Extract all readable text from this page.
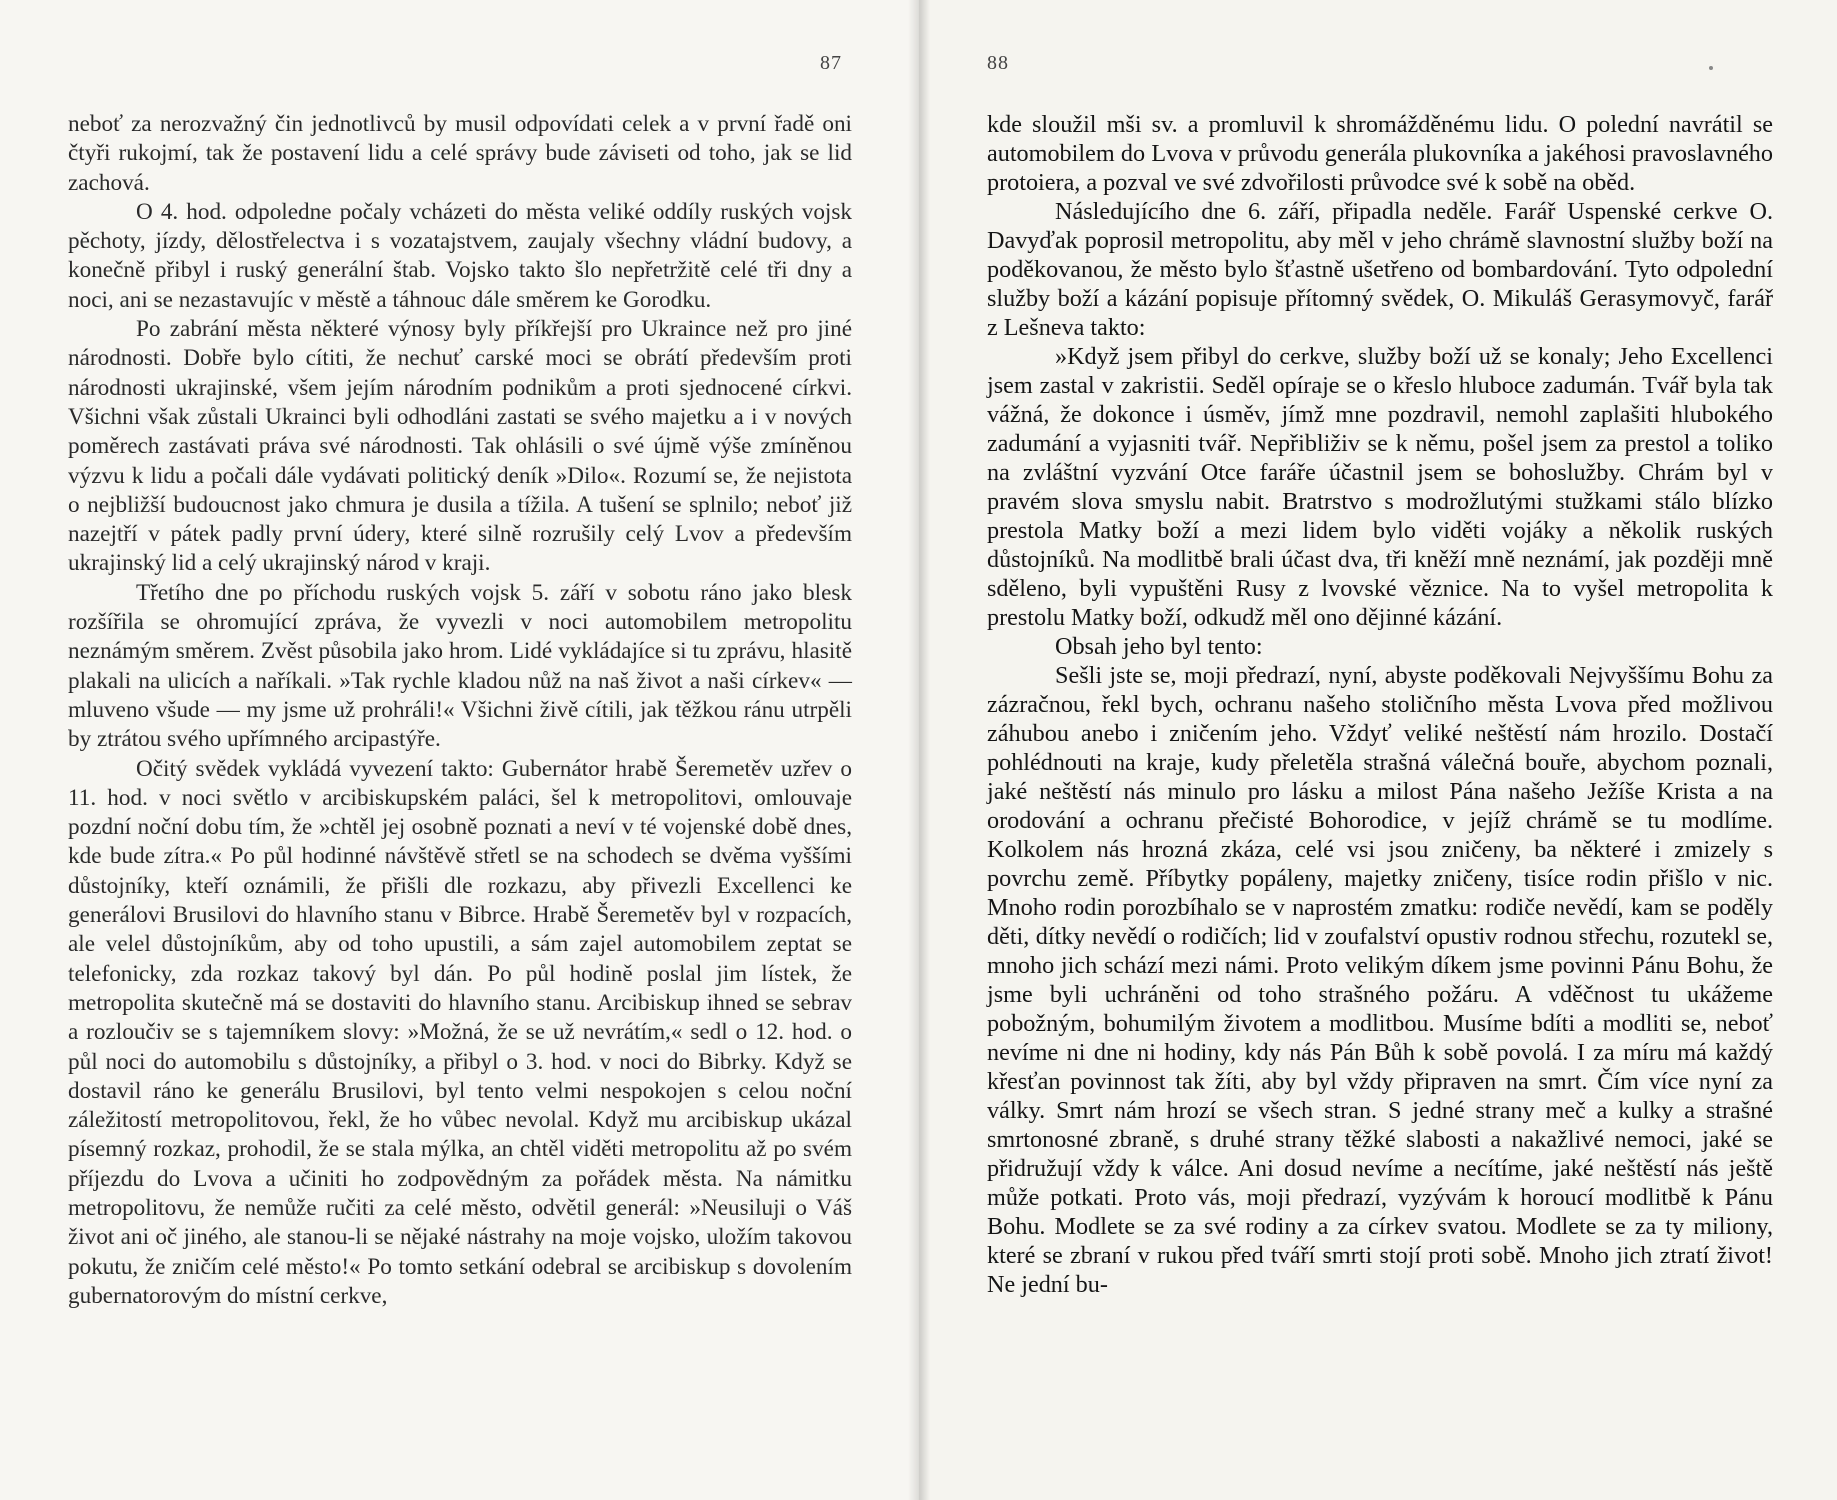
87

neboť za nerozvažný čin jednotlivců by musil odpovídati celek a v první řadě oni čtyři rukojmí, tak že postavení lidu a celé správy bude záviseti od toho, jak se lid zachová.

O 4. hod. odpoledne počaly vcházeti do města veliké oddíly ruských vojsk pěchoty, jízdy, dělostřelectva i s vozatajstvem, zaujaly všechny vládní budovy, a konečně přibyl i ruský generální štab. Vojsko takto šlo nepřetržitě celé tři dny a noci, ani se nezastavujíc v městě a táhnouc dále směrem ke Gorodku.

Po zabrání města některé výnosy byly příkřejší pro Ukraince než pro jiné národnosti. Dobře bylo cítiti, že nechuť carské moci se obrátí především proti národnosti ukrajinské, všem jejím národním podnikům a proti sjednocené církvi. Všichni však zůstali Ukrainci byli odhodláni zastati se svého majetku a i v nových poměrech zastávati práva své národnosti. Tak ohlásili o své újmě výše zmíněnou výzvu k lidu a počali dále vydávati politický deník »Dilo«. Rozumí se, že nejistota o nejbližší budoucnost jako chmura je dusila a tížila. A tušení se splnilo; neboť již nazejtří v pátek padly první údery, které silně rozrušily celý Lvov a především ukrajinský lid a celý ukrajinský národ v kraji.

Třetího dne po příchodu ruských vojsk 5. září v sobotu ráno jako blesk rozšířila se ohromující zpráva, že vyvezli v noci automobilem metropolitu neznámým směrem. Zvěst působila jako hrom. Lidé vykládajíce si tu zprávu, hlasitě plakali na ulicích a naříkali. »Tak rychle kladou nůž na naš život a naši církev« — mluveno všude — my jsme už prohráli!« Všichni živě cítili, jak těžkou ránu utrpěli by ztrátou svého upřímného arcipastýře.

Očitý svědek vykládá vyvezení takto: Gubernátor hrabě Šeremetěv uzřev o 11. hod. v noci světlo v arcibiskupském paláci, šel k metropolitovi, omlouvaje pozdní noční dobu tím, že »chtěl jej osobně poznati a neví v té vojenské době dnes, kde bude zítra.« Po půl hodinné návštěvě střetl se na schodech se dvěma vyššími důstojníky, kteří oznámili, že přišli dle rozkazu, aby přivezli Excellenci ke generálovi Brusilovi do hlavního stanu v Bibrce. Hrabě Šeremetěv byl v rozpacích, ale velel důstojníkům, aby od toho upustili, a sám zajel automobilem zeptat se telefonicky, zda rozkaz takový byl dán. Po půl hodině poslal jim lístek, že metropolita skutečně má se dostaviti do hlavního stanu. Arcibiskup ihned se sebrav a rozloučiv se s tajemníkem slovy: »Možná, že se už nevrátím,« sedl o 12. hod. o půl noci do automobilu s důstojníky, a přibyl o 3. hod. v noci do Bibrky. Když se dostavil ráno ke generálu Brusilovi, byl tento velmi nespokojen s celou noční záležitostí metropolitovou, řekl, že ho vůbec nevolal. Když mu arcibiskup ukázal písemný rozkaz, prohodil, že se stala mýlka, an chtěl viděti metropolitu až po svém příjezdu do Lvova a učiniti ho zodpovědným za pořádek města. Na námitku metropolitovu, že nemůže ručiti za celé město, odvětil generál: »Neusiluji o Váš život ani oč jiného, ale stanou-li se nějaké nástrahy na moje vojsko, uložím takovou pokutu, že zničím celé město!« Po tomto setkání odebral se arcibiskup s dovolením gubernatorovým do místní cerkve,

88

kde sloužil mši sv. a promluvil k shromážděnému lidu. O polední navrátil se automobilem do Lvova v průvodu generála plukovníka a jakéhosi pravoslavného protoiera, a pozval ve své zdvořilosti průvodce své k sobě na oběd.

Následujícího dne 6. září, připadla neděle. Farář Uspenské cerkve O. Davyďak poprosil metropolitu, aby měl v jeho chrámě slavnostní služby boží na poděkovanou, že město bylo šťastně ušetřeno od bombardování. Tyto odpolední služby boží a kázání popisuje přítomný svědek, O. Mikuláš Gerasymovyč, farář z Lešneva takto:

»Když jsem přibyl do cerkve, služby boží už se konaly; Jeho Excellenci jsem zastal v zakristii. Seděl opíraje se o křeslo hluboce zadumán. Tvář byla tak vážná, že dokonce i úsměv, jímž mne pozdravil, nemohl zaplašiti hlubokého zadumání a vyjasniti tvář. Nepřibliživ se k němu, pošel jsem za prestol a toliko na zvláštní vyzvání Otce faráře účastnil jsem se bohoslužby. Chrám byl v pravém slova smyslu nabit. Bratrstvo s modrožlutými stužkami stálo blízko prestola Matky boží a mezi lidem bylo viděti vojáky a několik ruských důstojníků. Na modlitbě brali účast dva, tři kněží mně neznámí, jak později mně sděleno, byli vypuštěni Rusy z lvovské věznice. Na to vyšel metropolita k prestolu Matky boží, odkudž měl ono dějinné kázání.

Obsah jeho byl tento:

Sešli jste se, moji předrazí, nyní, abyste poděkovali Nejvyššímu Bohu za zázračnou, řekl bych, ochranu našeho stoličního města Lvova před možlivou záhubou anebo i zničením jeho. Vždyť veliké neštěstí nám hrozilo. Dostačí pohlédnouti na kraje, kudy přeletěla strašná válečná bouře, abychom poznali, jaké neštěstí nás minulo pro lásku a milost Pána našeho Ježíše Krista a na orodování a ochranu přečisté Bohorodice, v jejíž chrámě se tu modlíme. Kolkolem nás hrozná zkáza, celé vsi jsou zničeny, ba některé i zmizely s povrchu země. Příbytky popáleny, majetky zničeny, tisíce rodin přišlo v nic. Mnoho rodin porozbíhalo se v naprostém zmatku: rodiče nevědí, kam se poděly děti, dítky nevědí o rodičích; lid v zoufalství opustiv rodnou střechu, rozutekl se, mnoho jich schází mezi námi. Proto velikým díkem jsme povinni Pánu Bohu, že jsme byli uchráněni od toho strašného požáru. A vděčnost tu ukážeme pobožným, bohumilým životem a modlitbou. Musíme bdíti a modliti se, neboť nevíme ni dne ni hodiny, kdy nás Pán Bůh k sobě povolá. I za míru má každý křesťan povinnost tak žíti, aby byl vždy připraven na smrt. Čím více nyní za války. Smrt nám hrozí se všech stran. S jedné strany meč a kulky a strašné smrtonosné zbraně, s druhé strany těžké slabosti a nakažlivé nemoci, jaké se přidružují vždy k válce. Ani dosud nevíme a necítíme, jaké neštěstí nás ještě může potkati. Proto vás, moji předrazí, vyzývám k horoucí modlitbě k Pánu Bohu. Modlete se za své rodiny a za církev svatou. Modlete se za ty miliony, které se zbraní v rukou před tváří smrti stojí proti sobě. Mnoho jich ztratí život! Ne jední bu-
